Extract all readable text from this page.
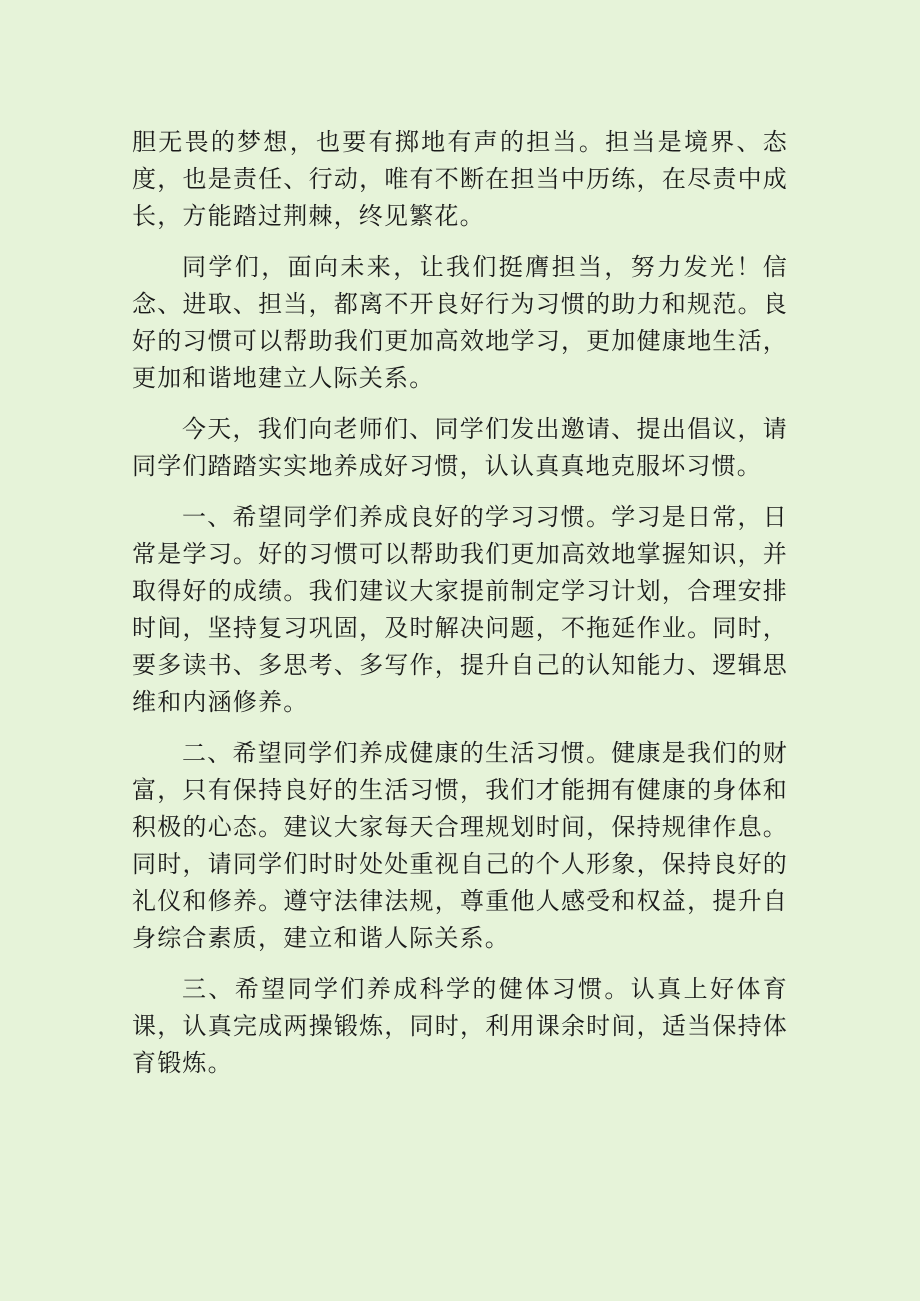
胆无畏的梦想，也要有掷地有声的担当。担当是境界、态度，也是责任、行动，唯有不断在担当中历练，在尽责中成长，方能踏过荆棘，终见繁花。

同学们，面向未来，让我们挺膺担当，努力发光！信念、进取、担当，都离不开良好行为习惯的助力和规范。良好的习惯可以帮助我们更加高效地学习，更加健康地生活，更加和谐地建立人际关系。

今天，我们向老师们、同学们发出邀请、提出倡议，请同学们踏踏实实地养成好习惯，认认真真地克服坏习惯。

一、希望同学们养成良好的学习习惯。学习是日常，日常是学习。好的习惯可以帮助我们更加高效地掌握知识，并取得好的成绩。我们建议大家提前制定学习计划，合理安排时间，坚持复习巩固，及时解决问题，不拖延作业。同时，要多读书、多思考、多写作，提升自己的认知能力、逻辑思维和内涵修养。

二、希望同学们养成健康的生活习惯。健康是我们的财富，只有保持良好的生活习惯，我们才能拥有健康的身体和积极的心态。建议大家每天合理规划时间，保持规律作息。同时，请同学们时时处处重视自己的个人形象，保持良好的礼仪和修养。遵守法律法规，尊重他人感受和权益，提升自身综合素质，建立和谐人际关系。

三、希望同学们养成科学的健体习惯。认真上好体育课，认真完成两操锻炼，同时，利用课余时间，适当保持体育锻炼。
